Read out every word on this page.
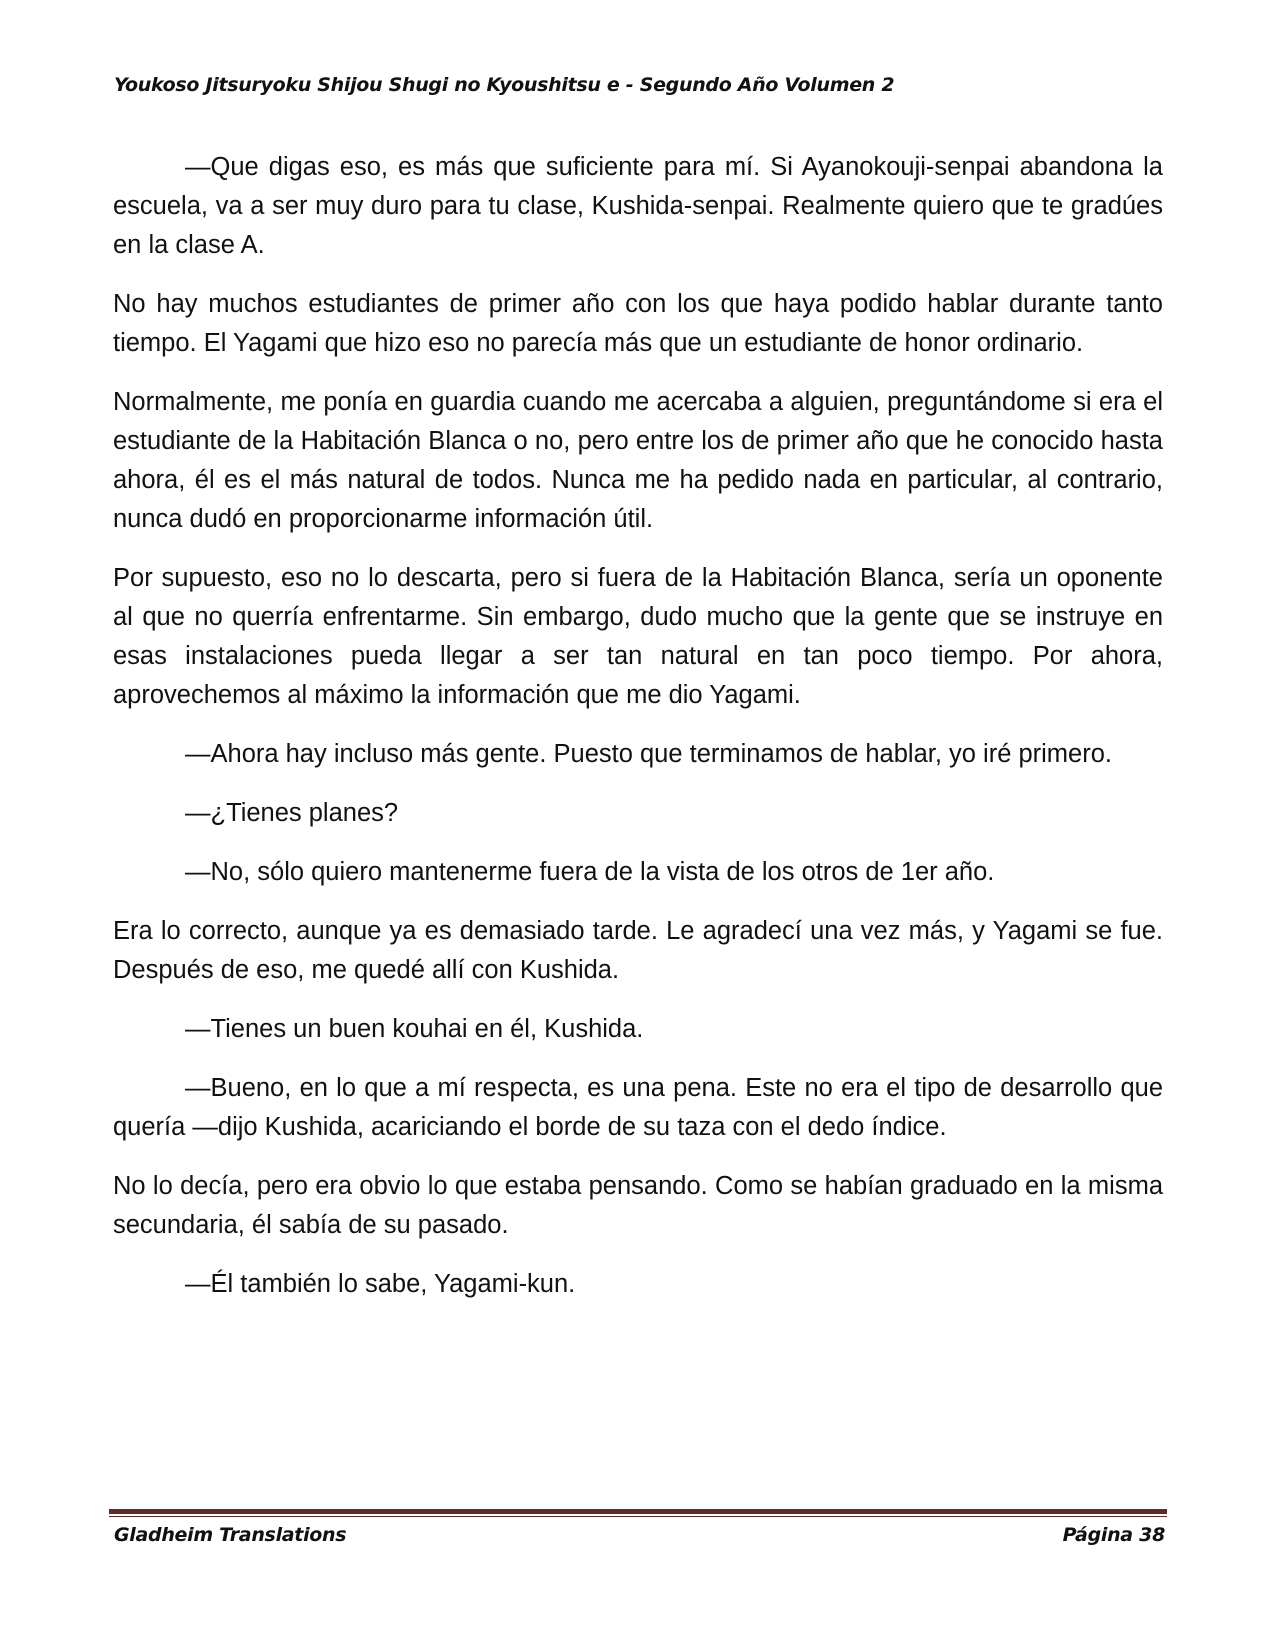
Youkoso Jitsuryoku Shijou Shugi no Kyoushitsu e - Segundo Año Volumen 2

—Que digas eso, es más que suficiente para mí. Si Ayanokouji-senpai abandona la escuela, va a ser muy duro para tu clase, Kushida-senpai. Realmente quiero que te gradúes en la clase A.

No hay muchos estudiantes de primer año con los que haya podido hablar durante tanto tiempo. El Yagami que hizo eso no parecía más que un estudiante de honor ordinario.

Normalmente, me ponía en guardia cuando me acercaba a alguien, preguntándome si era el estudiante de la Habitación Blanca o no, pero entre los de primer año que he conocido hasta ahora, él es el más natural de todos. Nunca me ha pedido nada en particular, al contrario, nunca dudó en proporcionarme información útil.

Por supuesto, eso no lo descarta, pero si fuera de la Habitación Blanca, sería un oponente al que no querría enfrentarme. Sin embargo, dudo mucho que la gente que se instruye en esas instalaciones pueda llegar a ser tan natural en tan poco tiempo. Por ahora, aprovechemos al máximo la información que me dio Yagami.

—Ahora hay incluso más gente. Puesto que terminamos de hablar, yo iré primero.

—¿Tienes planes?

—No, sólo quiero mantenerme fuera de la vista de los otros de 1er año.

Era lo correcto, aunque ya es demasiado tarde. Le agradecí una vez más, y Yagami se fue. Después de eso, me quedé allí con Kushida.

—Tienes un buen kouhai en él, Kushida.

—Bueno, en lo que a mí respecta, es una pena. Este no era el tipo de desarrollo que quería —dijo Kushida, acariciando el borde de su taza con el dedo índice.

No lo decía, pero era obvio lo que estaba pensando. Como se habían graduado en la misma secundaria, él sabía de su pasado.

—Él también lo sabe, Yagami-kun.

Gladheim Translations	Página 38
